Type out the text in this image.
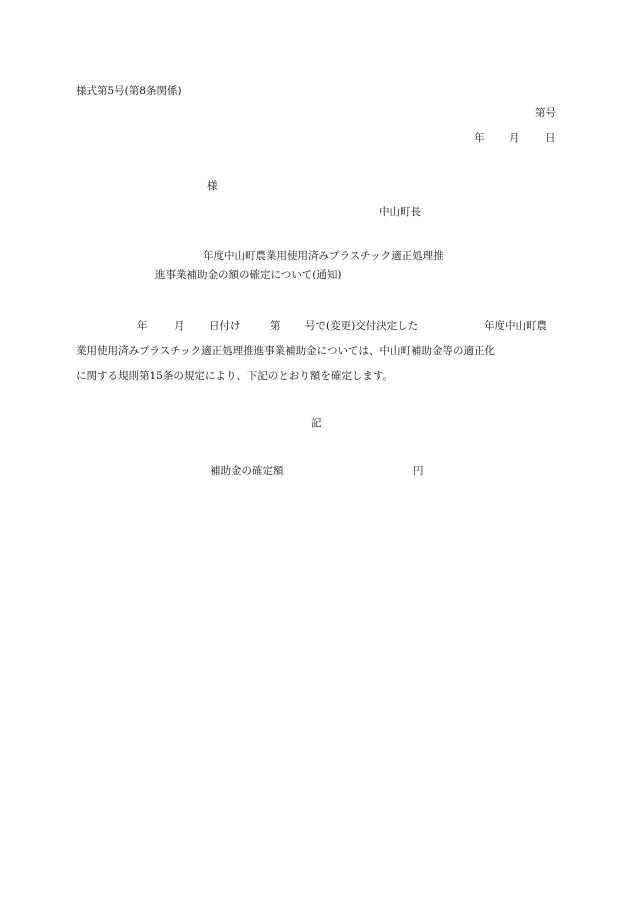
様式第5号(第8条関係)
第号
年 月 日
様
中山町長
年度中山町農業用使用済みプラスチック適正処理推
進事業補助金の額の確定について(通知)
年	月 日付け	第 号で(変更)交付決定した	年度中山町農
業用使用済みプラスチック適正処理推進事業補助金については、中山町補助金等の適正化
に関する規則第15条の規定により、下記のとおり額を確定します。
記
補助金の確定額	円
